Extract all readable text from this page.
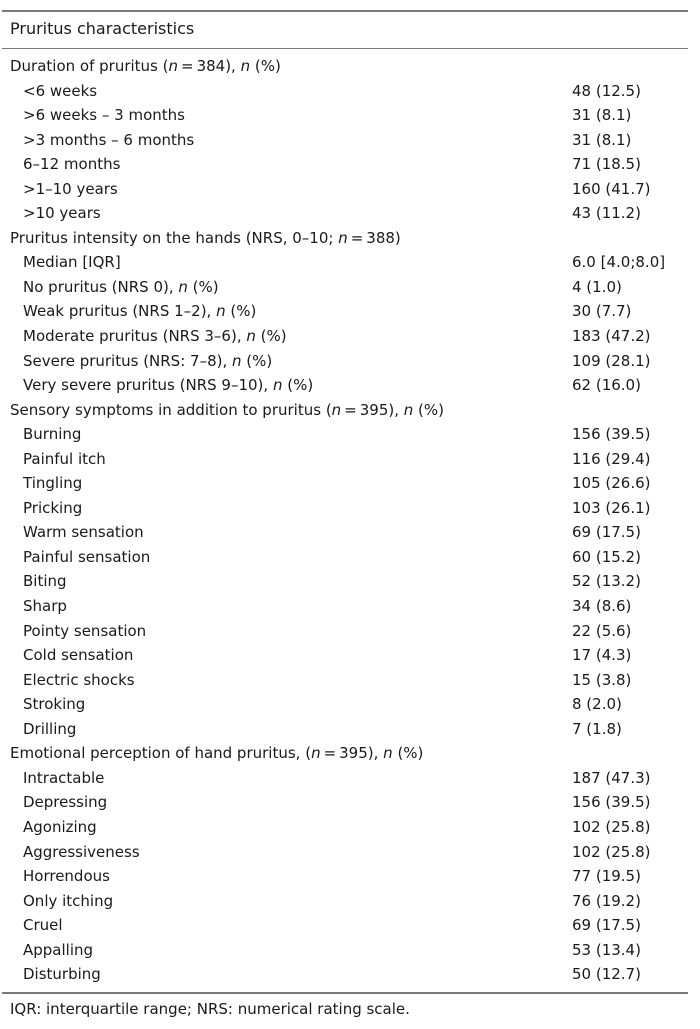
Pruritus characteristics
Duration of pruritus (n = 384), n (%)
<6 weeks	48 (12.5)
>6 weeks – 3 months	31 (8.1)
>3 months – 6 months	31 (8.1)
6–12 months	71 (18.5)
>1–10 years	160 (41.7)
>10 years	43 (11.2)
Pruritus intensity on the hands (NRS, 0–10; n = 388)
Median [IQR]	6.0 [4.0;8.0]
No pruritus (NRS 0), n (%)	4 (1.0)
Weak pruritus (NRS 1–2), n (%)	30 (7.7)
Moderate pruritus (NRS 3–6), n (%)	183 (47.2)
Severe pruritus (NRS: 7–8), n (%)	109 (28.1)
Very severe pruritus (NRS 9–10), n (%)	62 (16.0)
Sensory symptoms in addition to pruritus (n = 395), n (%)
Burning	156 (39.5)
Painful itch	116 (29.4)
Tingling	105 (26.6)
Pricking	103 (26.1)
Warm sensation	69 (17.5)
Painful sensation	60 (15.2)
Biting	52 (13.2)
Sharp	34 (8.6)
Pointy sensation	22 (5.6)
Cold sensation	17 (4.3)
Electric shocks	15 (3.8)
Stroking	8 (2.0)
Drilling	7 (1.8)
Emotional perception of hand pruritus, (n = 395), n (%)
Intractable	187 (47.3)
Depressing	156 (39.5)
Agonizing	102 (25.8)
Aggressiveness	102 (25.8)
Horrendous	77 (19.5)
Only itching	76 (19.2)
Cruel	69 (17.5)
Appalling	53 (13.4)
Disturbing	50 (12.7)
IQR: interquartile range; NRS: numerical rating scale.
